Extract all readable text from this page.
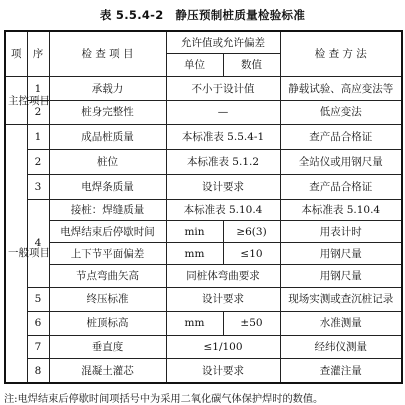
表 5.5.4-2　静压预制桩质量检验标准
项	序	检 查 项 目	允许值或允许偏差		检 查 方 法
			单位	数值	
主控项目	1	承载力	不小于设计值		静载试验、高应变法等
	2	桩身完整性	—		低应变法
一般项目	1	成品桩质量	本标准表 5.5.4-1		查产品合格证
	2	桩位	本标准表 5.1.2		全站仪或用钢尺量
	3	电焊条质量	设计要求		查产品合格证
	4	接桩：焊缝质量	本标准表 5.10.4		本标准表 5.10.4
		电焊结束后停歇时间	min	≥6(3)	用表计时
		上下节平面偏差	mm	≤10	用钢尺量
		节点弯曲矢高	同桩体弯曲要求		用钢尺量
	5	终压标准	设计要求		现场实测或查沉桩记录
	6	桩顶标高	mm	±50	水准测量
	7	垂直度	≤1/100		经纬仪测量
	8	混凝土灌芯	设计要求		查灌注量
注:电焊结束后停歇时间项括号中为采用二氧化碳气体保护焊时的数值。
